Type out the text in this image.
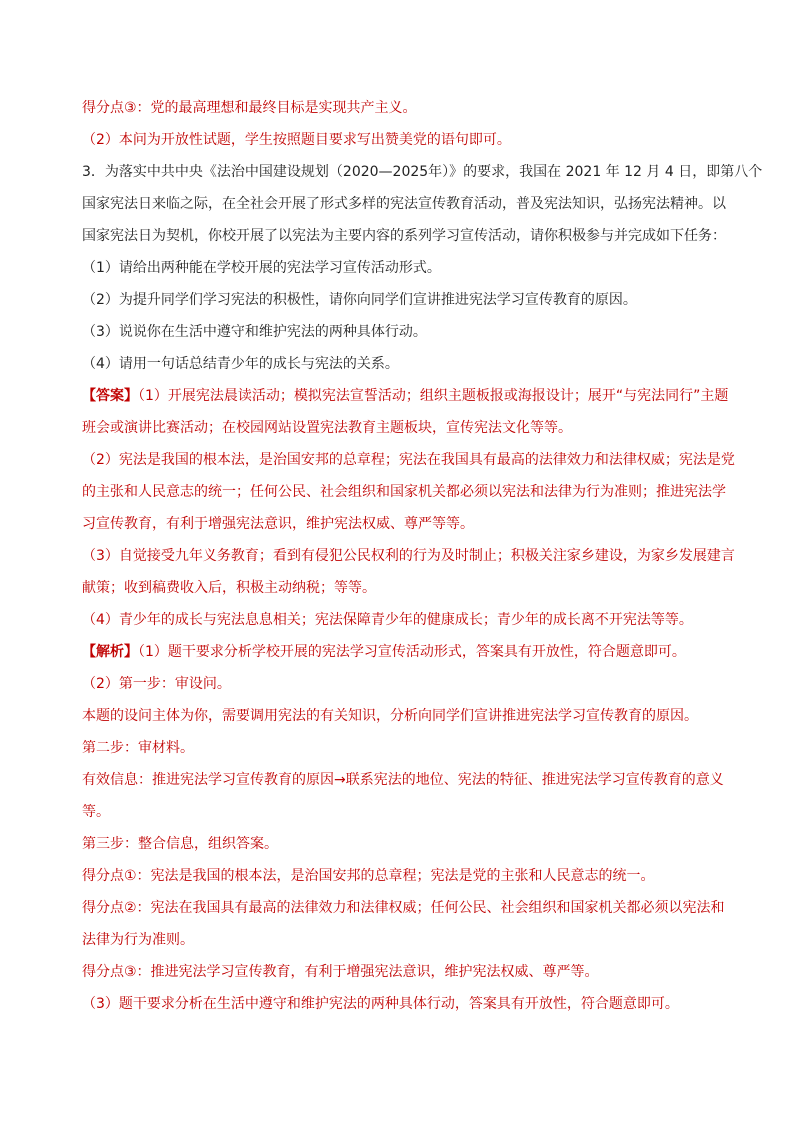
得分点③：党的最高理想和最终目标是实现共产主义。
（2）本问为开放性试题，学生按照题目要求写出赞美党的语句即可。
3．为落实中共中央《法治中国建设规划（2020—2025年）》的要求，我国在 2021 年 12 月 4 日，即第八个
国家宪法日来临之际，在全社会开展了形式多样的宪法宣传教育活动，普及宪法知识，弘扬宪法精神。以
国家宪法日为契机，你校开展了以宪法为主要内容的系列学习宣传活动，请你积极参与并完成如下任务：
（1）请给出两种能在学校开展的宪法学习宣传活动形式。
（2）为提升同学们学习宪法的积极性，请你向同学们宣讲推进宪法学习宣传教育的原因。
（3）说说你在生活中遵守和维护宪法的两种具体行动。
（4）请用一句话总结青少年的成长与宪法的关系。
【答案】（1）开展宪法晨读活动；模拟宪法宣誓活动；组织主题板报或海报设计；展开“与宪法同行”主题
班会或演讲比赛活动；在校园网站设置宪法教育主题板块，宣传宪法文化等等。
（2）宪法是我国的根本法，是治国安邦的总章程；宪法在我国具有最高的法律效力和法律权威；宪法是党
的主张和人民意志的统一；任何公民、社会组织和国家机关都必须以宪法和法律为行为准则；推进宪法学
习宣传教育，有利于增强宪法意识，维护宪法权威、尊严等等。
（3）自觉接受九年义务教育；看到有侵犯公民权利的行为及时制止；积极关注家乡建设，为家乡发展建言
献策；收到稿费收入后，积极主动纳税；等等。
（4）青少年的成长与宪法息息相关；宪法保障青少年的健康成长；青少年的成长离不开宪法等等。
【解析】（1）题干要求分析学校开展的宪法学习宣传活动形式，答案具有开放性，符合题意即可。
（2）第一步：审设问。
本题的设问主体为你，需要调用宪法的有关知识，分析向同学们宣讲推进宪法学习宣传教育的原因。
第二步：审材料。
有效信息：推进宪法学习宣传教育的原因→联系宪法的地位、宪法的特征、推进宪法学习宣传教育的意义
等。
第三步：整合信息，组织答案。
得分点①：宪法是我国的根本法，是治国安邦的总章程；宪法是党的主张和人民意志的统一。
得分点②：宪法在我国具有最高的法律效力和法律权威；任何公民、社会组织和国家机关都必须以宪法和
法律为行为准则。
得分点③：推进宪法学习宣传教育，有利于增强宪法意识，维护宪法权威、尊严等。
（3）题干要求分析在生活中遵守和维护宪法的两种具体行动，答案具有开放性，符合题意即可。
